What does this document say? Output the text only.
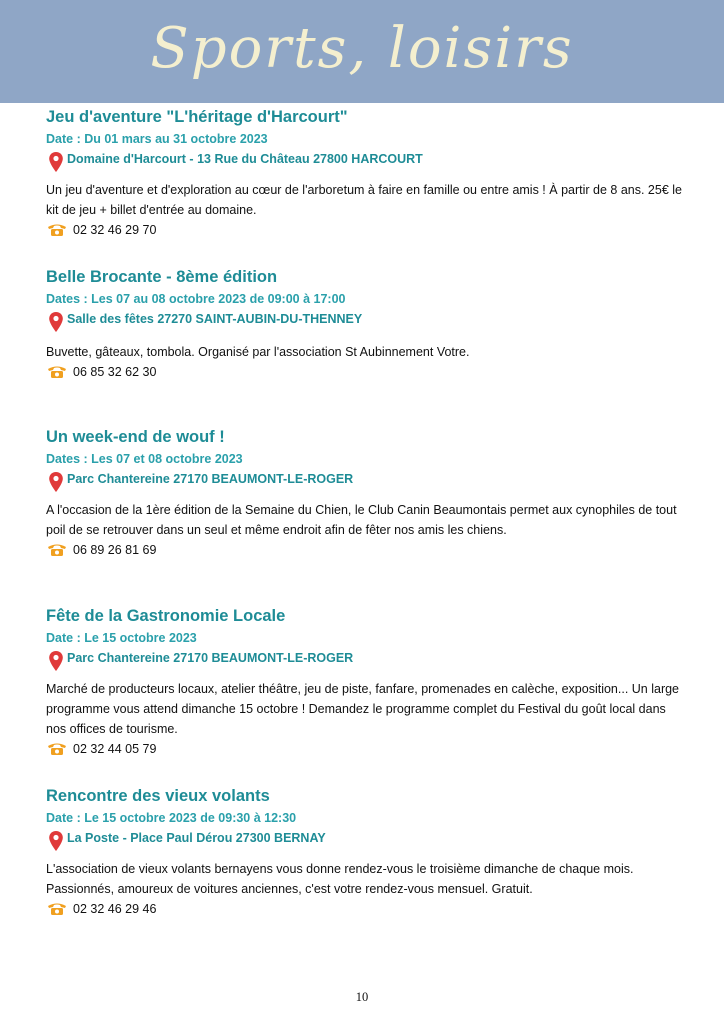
Sports, loisirs
Jeu d'aventure "L'héritage d'Harcourt"
Date : Du 01 mars au 31 octobre 2023
Domaine d'Harcourt - 13 Rue du Château 27800 HARCOURT
Un jeu d'aventure et d'exploration au cœur de l'arboretum à faire en famille ou entre amis ! À partir de 8 ans. 25€ le kit de jeu + billet d'entrée au domaine.
02 32 46 29 70
Belle Brocante - 8ème édition
Dates : Les 07 au 08 octobre 2023 de 09:00 à 17:00
Salle des fêtes 27270 SAINT-AUBIN-DU-THENNEY
Buvette, gâteaux, tombola. Organisé par l'association St Aubinnement Votre.
06 85 32 62 30
Un week-end de wouf !
Dates : Les 07 et 08 octobre 2023
Parc Chantereine 27170 BEAUMONT-LE-ROGER
A l'occasion de la 1ère édition de la Semaine du Chien, le Club Canin Beaumontais permet aux cynophiles de tout poil de se retrouver dans un seul et même endroit afin de fêter nos amis les chiens.
06 89 26 81 69
Fête de la Gastronomie Locale
Date : Le 15 octobre 2023
Parc Chantereine 27170 BEAUMONT-LE-ROGER
Marché de producteurs locaux, atelier théâtre, jeu de piste, fanfare, promenades en calèche, exposition... Un large programme vous attend dimanche 15 octobre ! Demandez le programme complet du Festival du goût local dans nos offices de tourisme.
02 32 44 05 79
Rencontre des vieux volants
Date : Le 15 octobre 2023 de 09:30 à 12:30
La Poste - Place Paul Dérou 27300 BERNAY
L'association de vieux volants bernayens vous donne rendez-vous le troisième dimanche de chaque mois. Passionnés, amoureux de voitures anciennes, c'est votre rendez-vous mensuel. Gratuit.
02 32 46 29 46
10
